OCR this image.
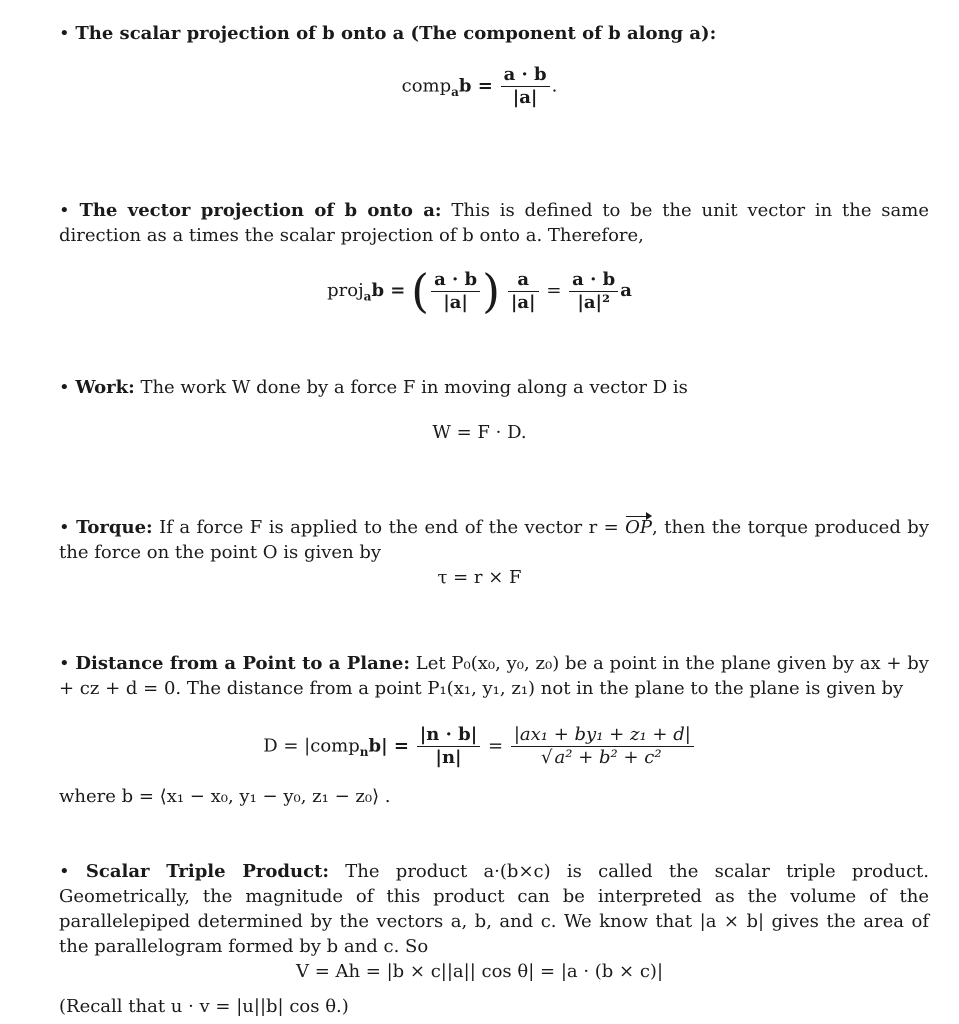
• The scalar projection of b onto a (The component of b along a):
comp$_a$b = $\frac{a \cdot b}{|a|}$ .
• The vector projection of b onto a: This is defined to be the unit vector in the same direction as a times the scalar projection of b onto a. Therefore,
proj$_a$b = ( $\frac{a \cdot b}{|a|}$ ) $\frac{a}{|a|} = \frac{a \cdot b}{\text{|a|²}}$ a
• Work: The work W done by a force F in moving along a vector D is
W = F · D.
• Torque: If a force F is applied to the end of the vector r = OP, then the torque produced by the force on the point O is given by
τ = r × F
• Distance from a Point to a Plane: Let P₀(x₀, y₀, z₀) be a point in the plane given by ax + by + cz + d = 0. The distance from a point P₁(x₁, y₁, z₁) not in the plane to the plane is given by
D = |comp$_n$b| = $\frac{|n \cdot b|}{|n|} = \frac{\text{|ax₁ + by₁ + z₁ + d|}}{\text{√ a² + b² + c²}}$
where b = ⟨x₁ − x₀, y₁ − y₀, z₁ − z₀⟩ .
• Scalar Triple Product: The product a·(b×c) is called the scalar triple product. Geometrically, the magnitude of this product can be interpreted as the volume of the parallelepiped determined by the vectors a, b, and c. We know that |a × b| gives the area of the parallelogram formed by b and c. So
V = Ah = |b × c||a|| cos θ| = |a · (b × c)|
(Recall that u · v = |u||b| cos θ.)
